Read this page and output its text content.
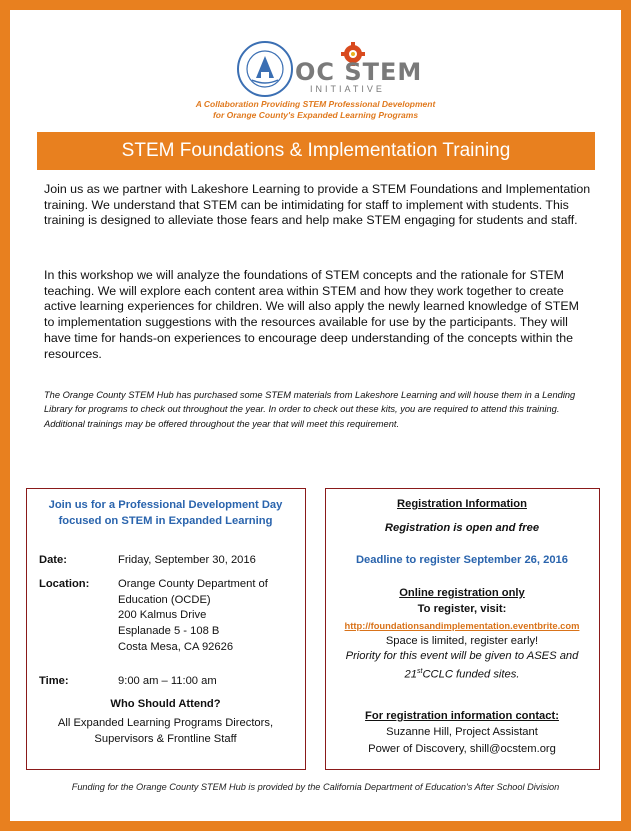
OC STEM
INITIATIVE
A Collaboration Providing STEM Professional Development
for Orange County's Expanded Learning Programs
STEM Foundations & Implementation Training
Join us as we partner with Lakeshore Learning to provide a STEM Foundations and Implementation training. We understand that STEM can be intimidating for staff to implement with students. This training is designed to alleviate those fears and help make STEM engaging for students and staff.
In this workshop we will analyze the foundations of STEM concepts and the rationale for STEM teaching. We will explore each content area within STEM and how they work together to create active learning experiences for children. We will also apply the newly learned knowledge of STEM to implementation suggestions with the resources available for use by the participants. They will have time for hands-on experiences to encourage deep understanding of the concepts within the resources.
The Orange County STEM Hub has purchased some STEM materials from Lakeshore Learning and will house them in a Lending Library for programs to check out throughout the year. In order to check out these kits, you are required to attend this training. Additional trainings may be offered throughout the year that will meet this requirement.
Join us for a Professional Development Day
focused on STEM in Expanded Learning
Date:	Friday, September 30, 2016
Location:	Orange County Department of
Education (OCDE)
200 Kalmus Drive
Esplanade 5 - 108 B
Costa Mesa, CA 92626
Time:	9:00 am – 11:00 am
Who Should Attend?
All Expanded Learning Programs Directors,
Supervisors & Frontline Staff
Registration Information
Registration is open and free
Deadline to register September 26, 2016
Online registration only
To register, visit:
http://foundationsandimplementation.eventbrite.com
Space is limited, register early!
Priority for this event will be given to ASES and
21stCCLC funded sites.
For registration information contact:
Suzanne Hill, Project Assistant
Power of Discovery, shill@ocstem.org
Funding for the Orange County STEM Hub is provided by the California Department of Education's After School Division
